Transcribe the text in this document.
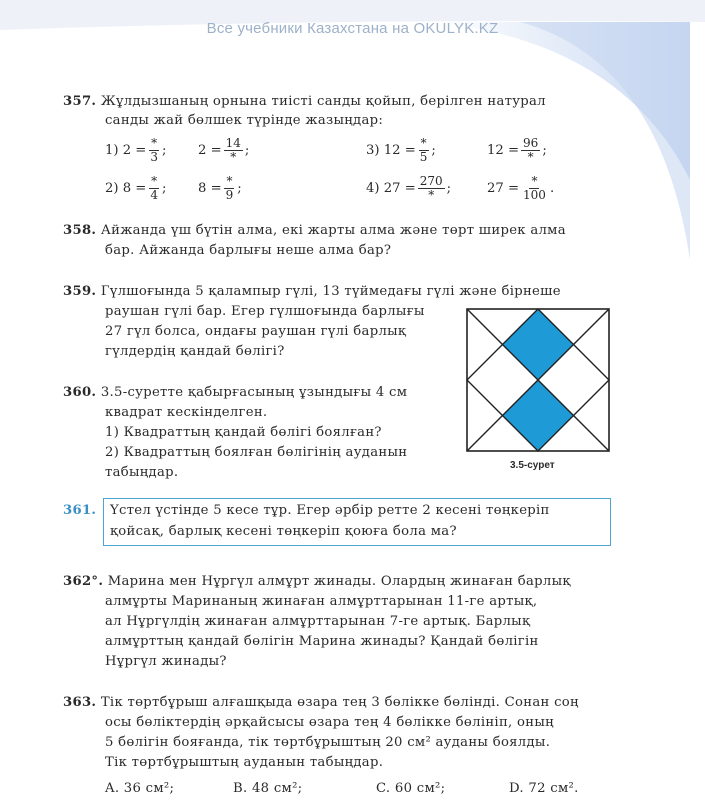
Все учебники Казахстана на OKULYK.KZ
357. Жұлдызшаның орнына тиісті санды қойып, берілген натурал
санды жай бөлшек түрінде жазыңдар:
1) $2 = \frac{*}{3}$ ; $2 = \frac{14}{*}$ ;	3) $12 = \frac{*}{5}$ ;	$12 = \frac{96}{*}$ ;
2) $8 = \frac{*}{4}$ ; $8 = \frac{*}{9}$ ;	4) $27 = \frac{270}{*}$ ;	$27 = \frac{*}{100}$ .
358. Айжанда үш бүтін алма, екі жарты алма және төрт ширек алма
бар. Айжанда барлығы неше алма бар?
359. Гүлшоғында 5 қалампыр гүлі, 13 түймедағы гүлі және бірнеше
раушан гүлі бар. Егер гүлшоғында барлығы
27 гүл болса, ондағы раушан гүлі барлық
гүлдердің қандай бөлігі?
360. 3.5-суретте қабырғасының ұзындығы 4 см
квадрат кескінделген.
1) Квадраттың қандай бөлігі боялған?
2) Квадраттың боялған бөлігінің ауданын
табыңдар.	3.5-сурет
361. Үстел үстінде 5 кесе тұр. Егер әрбір ретте 2 кесені төңкеріп
қойсақ, барлық кесені төңкеріп қоюға бола ма?
362°. Марина мен Нұргүл алмұрт жинады. Олардың жинаған барлық
алмұрты Маринаның жинаған алмұрттарынан 11-ге артық,
ал Нұргүлдің жинаған алмұрттарынан 7-ге артық. Барлық
алмұрттың қандай бөлігін Марина жинады? Қандай бөлігін
Нұргүл жинады?
363. Тік төртбұрыш алғашқыда өзара тең 3 бөлікке бөлінді. Сонан соң
осы бөліктердің әрқайсысы өзара тең 4 бөлікке бөлініп, оның
5 бөлігін бояғанда, тік төртбұрыштың 20 см² ауданы боялды.
Тік төртбұрыштың ауданын табыңдар.
A. 36 см²;	B. 48 см²;	C. 60 см²;	D. 72 см².
